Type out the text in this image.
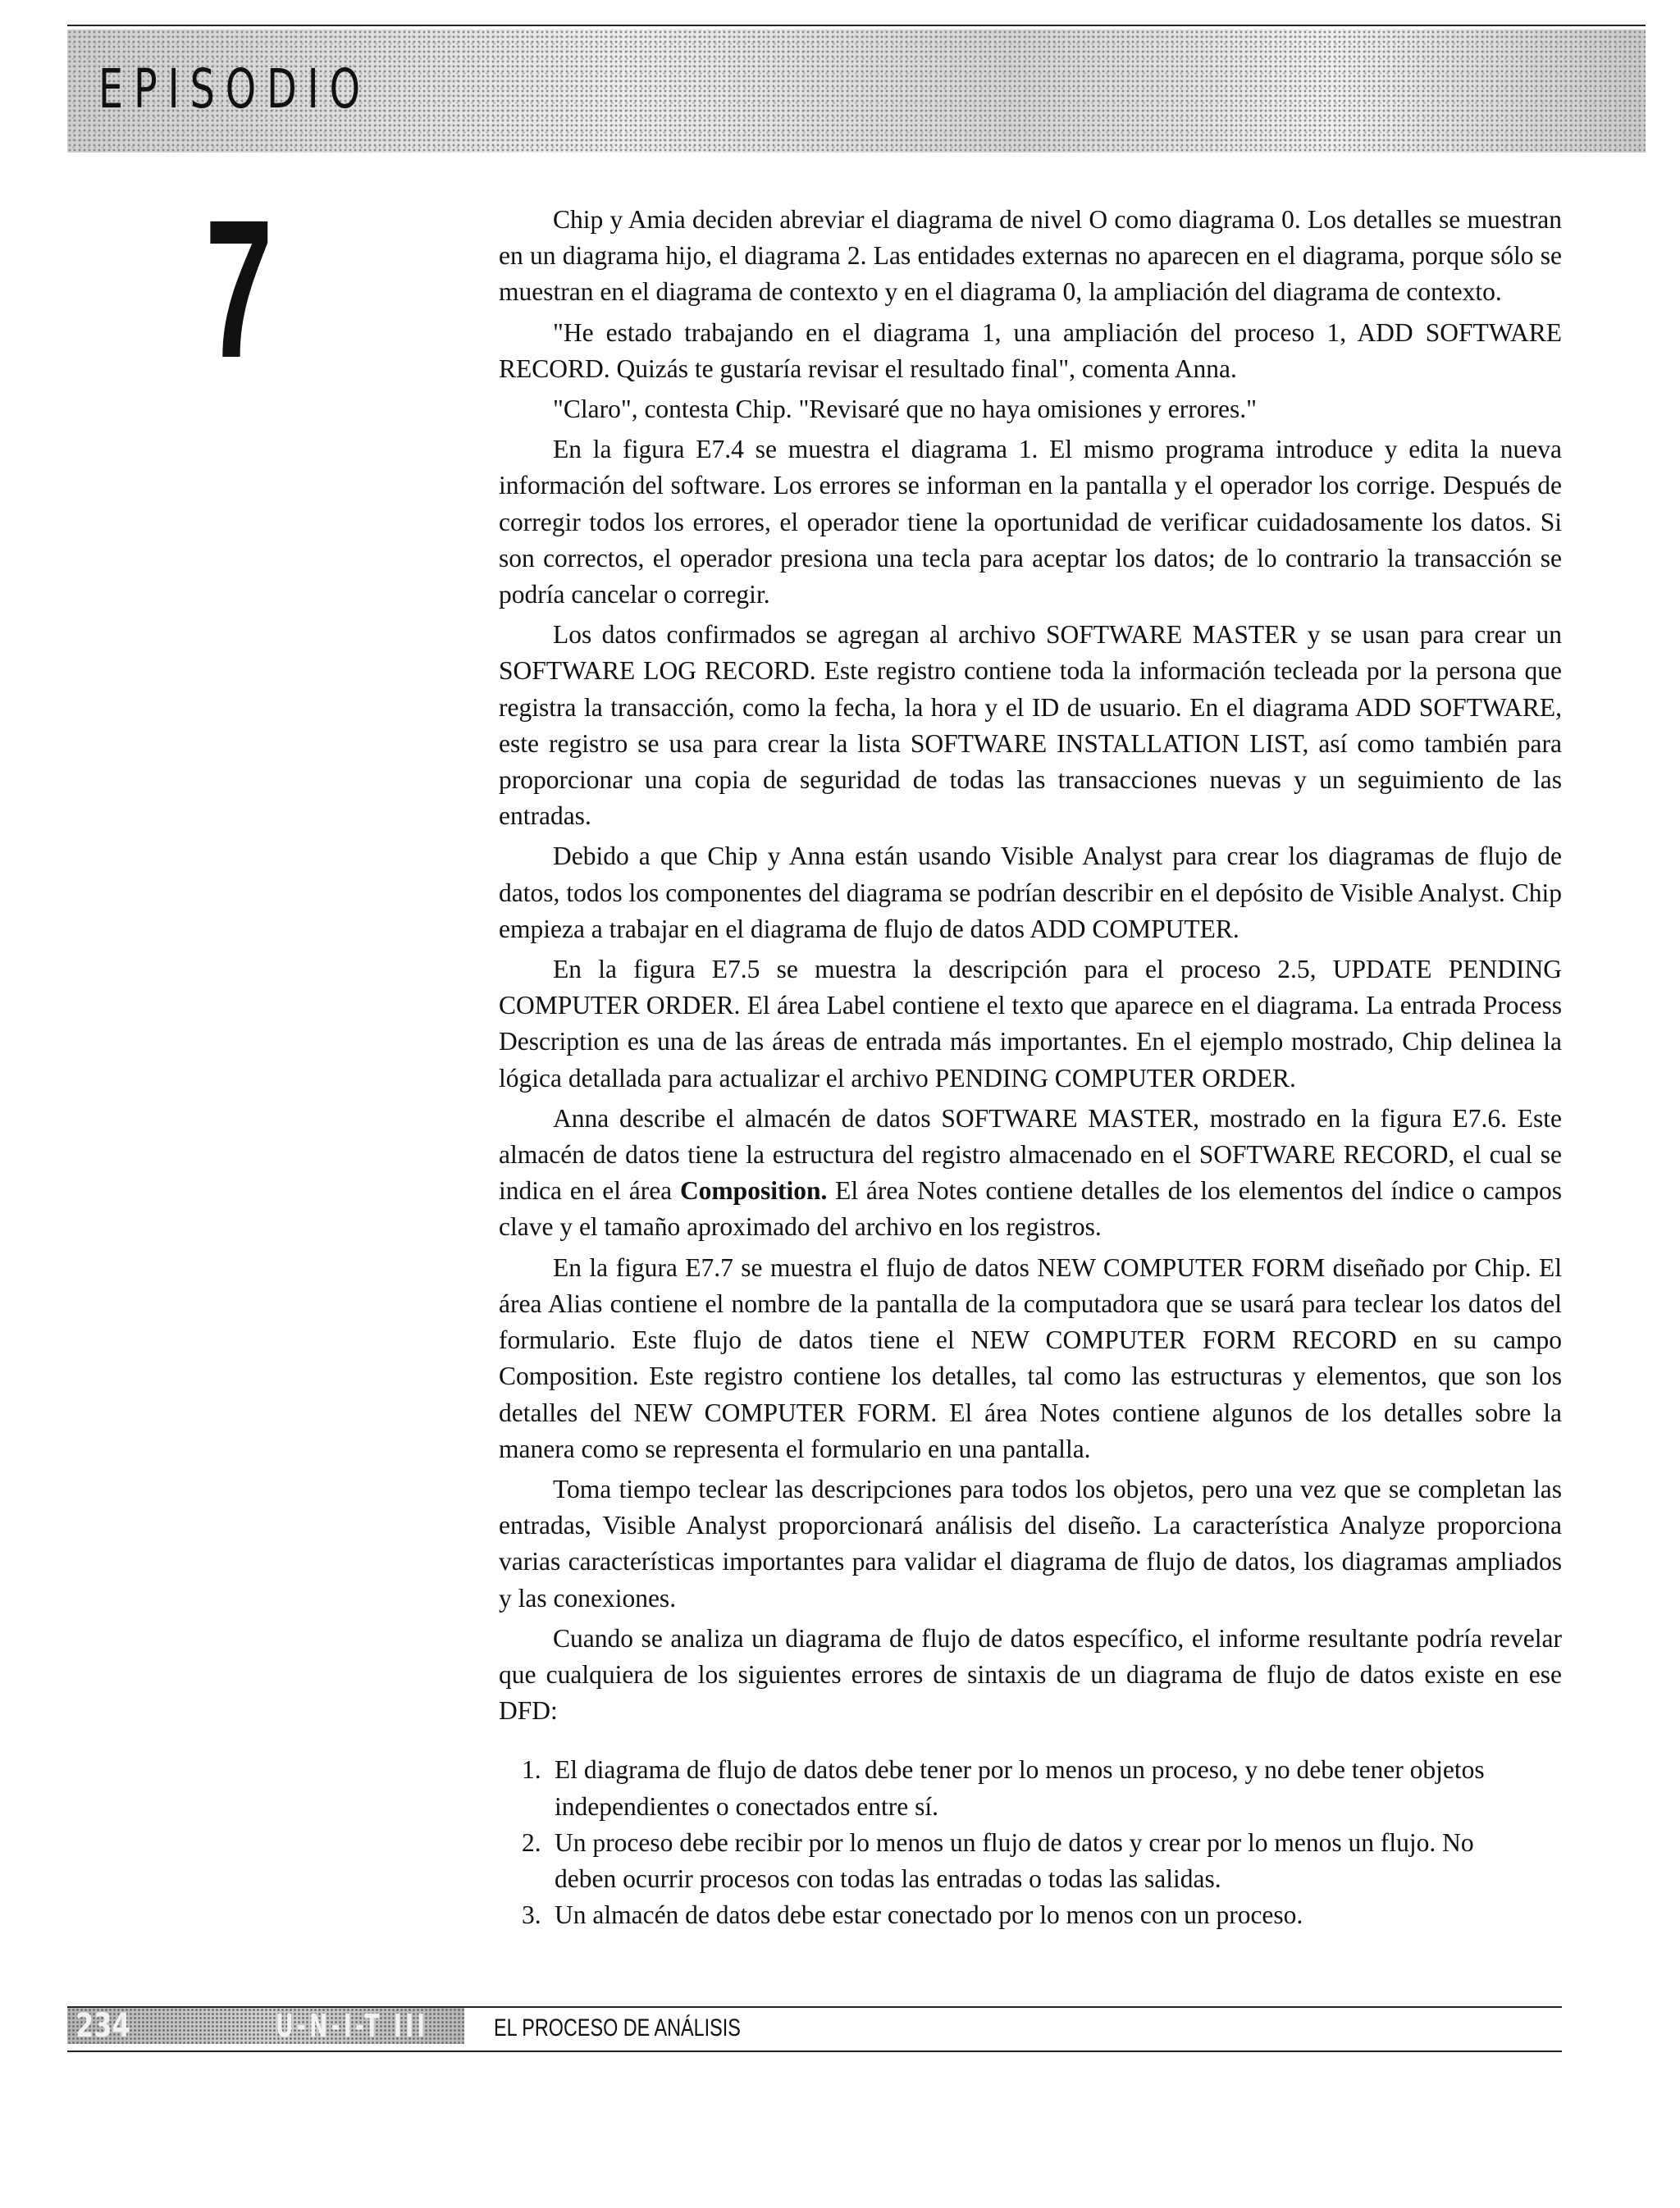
EPISODIO
7	Chip y Amia deciden abreviar el diagrama de nivel O como diagrama 0. Los detalles se muestran en un diagrama hijo, el diagrama 2. Las entidades externas no aparecen en el diagrama, porque sólo se muestran en el diagrama de contexto y en el diagrama 0, la ampliación del diagrama de contexto.

"He estado trabajando en el diagrama 1, una ampliación del proceso 1, ADD SOFTWARE RECORD. Quizás te gustaría revisar el resultado final", comenta Anna.

"Claro", contesta Chip. "Revisaré que no haya omisiones y errores."

En la figura E7.4 se muestra el diagrama 1. El mismo programa introduce y edita la nueva información del software. Los errores se informan en la pantalla y el operador los corrige. Después de corregir todos los errores, el operador tiene la oportunidad de verificar cuidadosamente los datos. Si son correctos, el operador presiona una tecla para aceptar los datos; de lo contrario la transacción se podría cancelar o corregir.

Los datos confirmados se agregan al archivo SOFTWARE MASTER y se usan para crear un SOFTWARE LOG RECORD. Este registro contiene toda la información tecleada por la persona que registra la transacción, como la fecha, la hora y el ID de usuario. En el diagrama ADD SOFTWARE, este registro se usa para crear la lista SOFTWARE INSTALLATION LIST, así como también para proporcionar una copia de seguridad de todas las transacciones nuevas y un seguimiento de las entradas.

Debido a que Chip y Anna están usando Visible Analyst para crear los diagramas de flujo de datos, todos los componentes del diagrama se podrían describir en el depósito de Visible Analyst. Chip empieza a trabajar en el diagrama de flujo de datos ADD COMPUTER.

En la figura E7.5 se muestra la descripción para el proceso 2.5, UPDATE PENDING COMPUTER ORDER. El área Label contiene el texto que aparece en el diagrama. La entrada Process Description es una de las áreas de entrada más importantes. En el ejemplo mostrado, Chip delinea la lógica detallada para actualizar el archivo PENDING COMPUTER ORDER.

Anna describe el almacén de datos SOFTWARE MASTER, mostrado en la figura E7.6. Este almacén de datos tiene la estructura del registro almacenado en el SOFTWARE RECORD, el cual se indica en el área Composition. El área Notes contiene detalles de los elementos del índice o campos clave y el tamaño aproximado del archivo en los registros.

En la figura E7.7 se muestra el flujo de datos NEW COMPUTER FORM diseñado por Chip. El área Alias contiene el nombre de la pantalla de la computadora que se usará para teclear los datos del formulario. Este flujo de datos tiene el NEW COMPUTER FORM RECORD en su campo Composition. Este registro contiene los detalles, tal como las estructuras y elementos, que son los detalles del NEW COMPUTER FORM. El área Notes contiene algunos de los detalles sobre la manera como se representa el formulario en una pantalla.

Toma tiempo teclear las descripciones para todos los objetos, pero una vez que se completan las entradas, Visible Analyst proporcionará análisis del diseño. La característica Analyze proporciona varias características importantes para validar el diagrama de flujo de datos, los diagramas ampliados y las conexiones.

Cuando se analiza un diagrama de flujo de datos específico, el informe resultante podría revelar que cualquiera de los siguientes errores de sintaxis de un diagrama de flujo de datos existe en ese DFD:

1. El diagrama de flujo de datos debe tener por lo menos un proceso, y no debe tener objetos independientes o conectados entre sí.
2. Un proceso debe recibir por lo menos un flujo de datos y crear por lo menos un flujo. No deben ocurrir procesos con todas las entradas o todas las salidas.
3. Un almacén de datos debe estar conectado por lo menos con un proceso.
234	U-N-I-T III	EL PROCESO DE ANÁLISIS
